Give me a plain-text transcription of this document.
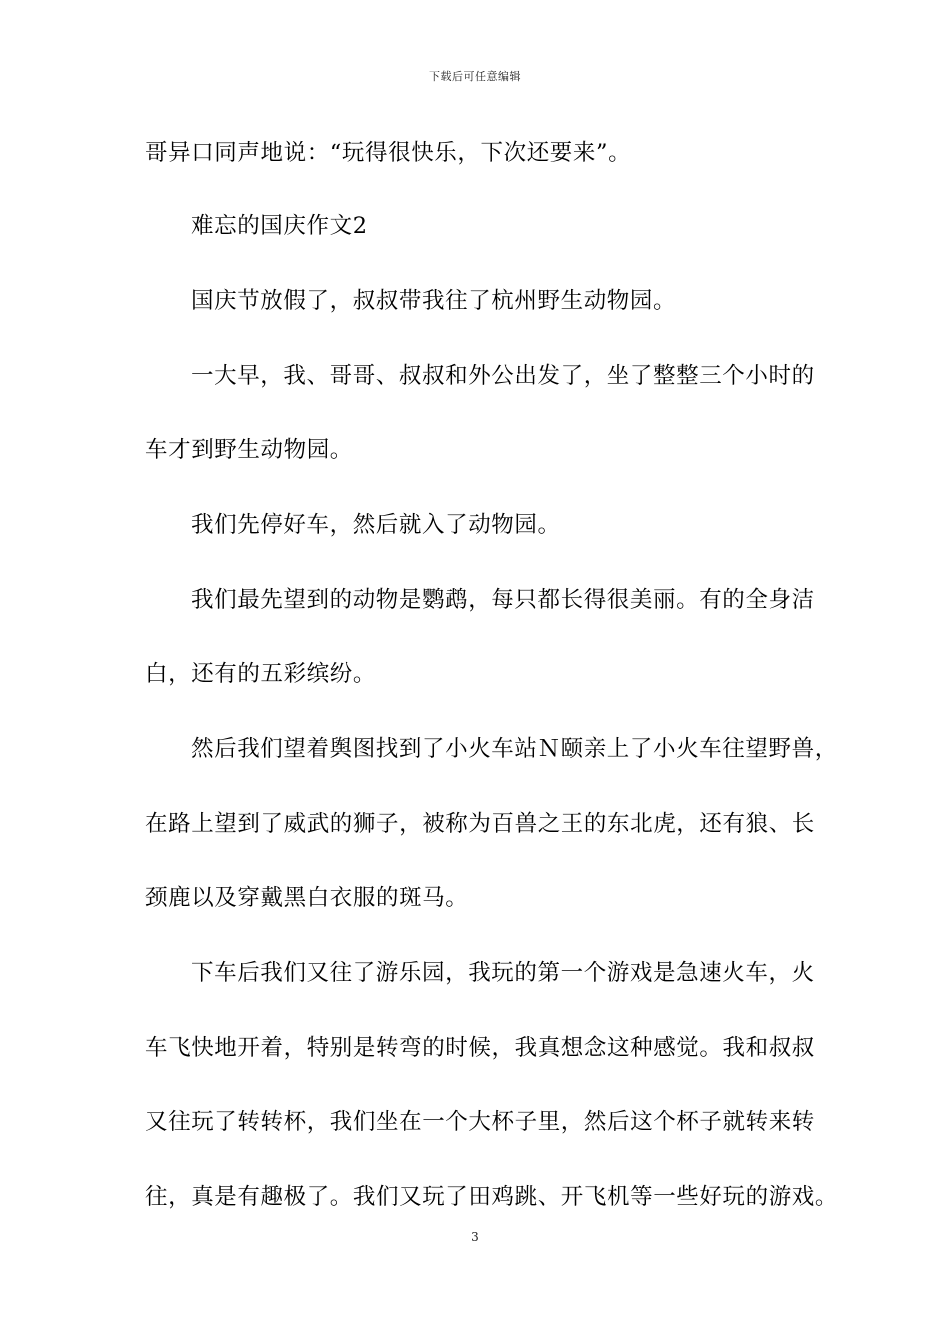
下载后可任意编辑
哥异口同声地说：“玩得很快乐，下次还要来”。
难忘的国庆作文2
国庆节放假了，叔叔带我往了杭州野生动物园。
一大早，我、哥哥、叔叔和外公出发了，坐了整整三个小时的
车才到野生动物园。
我们先停好车，然后就入了动物园。
我们最先望到的动物是鹦鹉，每只都长得很美丽。有的全身洁
白，还有的五彩缤纷。
然后我们望着舆图找到了小火车站Ｎ颐亲上了小火车往望野兽，
在路上望到了威武的狮子，被称为百兽之王的东北虎，还有狼、长
颈鹿以及穿戴黑白衣服的斑马。
下车后我们又往了游乐园，我玩的第一个游戏是急速火车，火
车飞快地开着，特别是转弯的时候，我真想念这种感觉。我和叔叔
又往玩了转转杯，我们坐在一个大杯子里，然后这个杯子就转来转
往，真是有趣极了。我们又玩了田鸡跳、开飞机等一些好玩的游戏。
3
